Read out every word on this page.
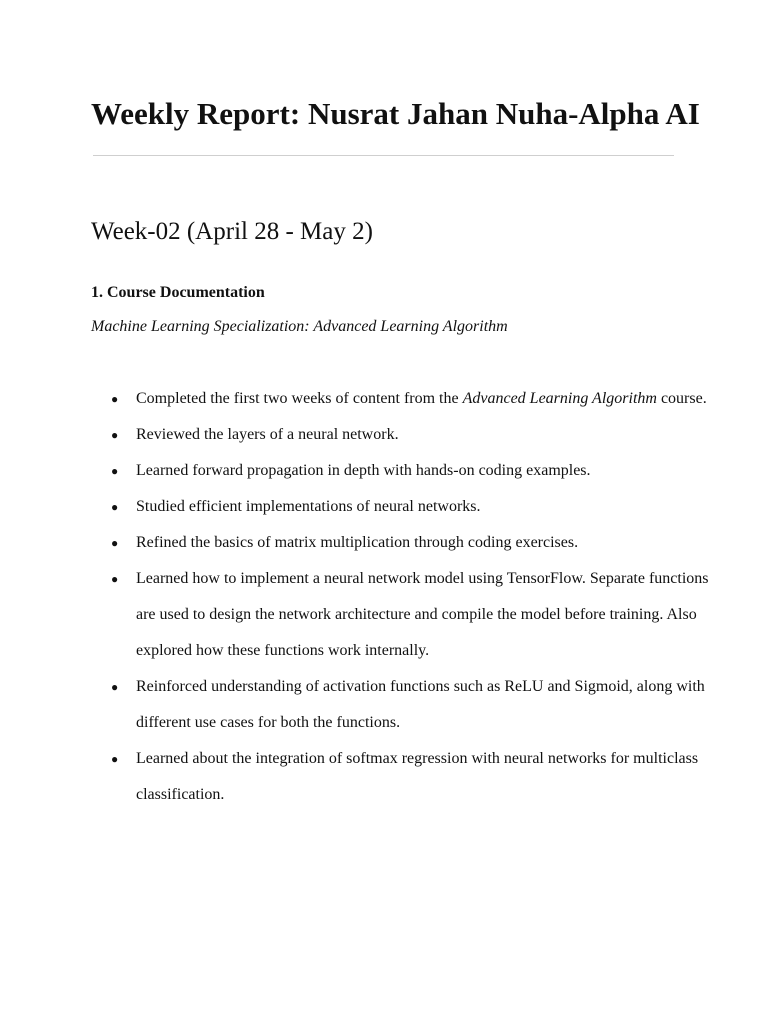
Weekly Report: Nusrat Jahan Nuha-Alpha AI
Week-02 (April 28 - May 2)

1. Course Documentation

Machine Learning Specialization: Advanced Learning Algorithm

● Completed the first two weeks of content from the Advanced Learning Algorithm course.
● Reviewed the layers of a neural network.
● Learned forward propagation in depth with hands-on coding examples.
● Studied efficient implementations of neural networks.
● Refined the basics of matrix multiplication through coding exercises.
● Learned how to implement a neural network model using TensorFlow. Separate functions are used to design the network architecture and compile the model before training. Also explored how these functions work internally.
● Reinforced understanding of activation functions such as ReLU and Sigmoid, along with different use cases for both the functions.
● Learned about the integration of softmax regression with neural networks for multiclass classification.
